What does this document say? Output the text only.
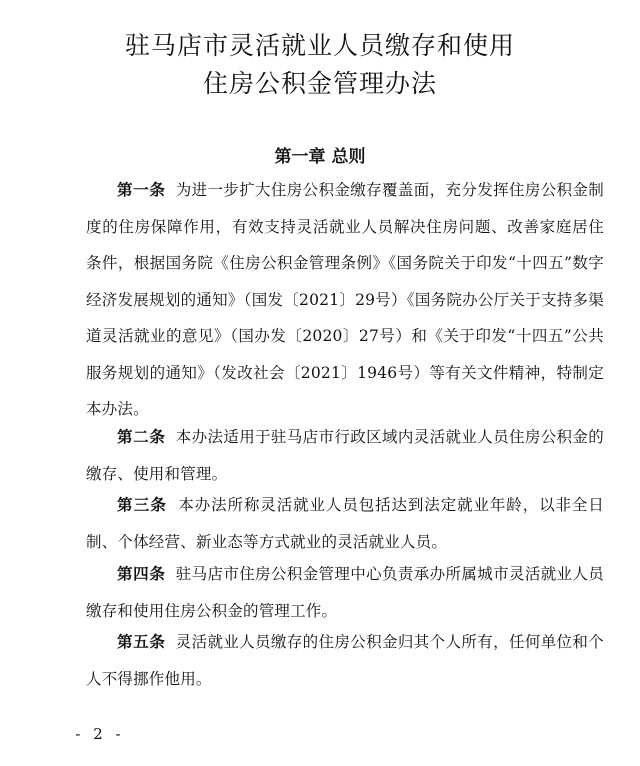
驻马店市灵活就业人员缴存和使用
住房公积金管理办法
第一章 总则

第一条 为进一步扩大住房公积金缴存覆盖面，充分发挥住房公积金制度的住房保障作用，有效支持灵活就业人员解决住房问题、改善家庭居住条件，根据国务院《住房公积金管理条例》《国务院关于印发“十四五”数字经济发展规划的通知》（国发〔2021〕29号）《国务院办公厅关于支持多渠道灵活就业的意见》（国办发〔2020〕27号）和《关于印发“十四五”公共服务规划的通知》（发改社会〔2021〕1946号）等有关文件精神，特制定本办法。

第二条 本办法适用于驻马店市行政区域内灵活就业人员住房公积金的缴存、使用和管理。

第三条 本办法所称灵活就业人员包括达到法定就业年龄，以非全日制、个体经营、新业态等方式就业的灵活就业人员。

第四条 驻马店市住房公积金管理中心负责承办所属城市灵活就业人员缴存和使用住房公积金的管理工作。

第五条 灵活就业人员缴存的住房公积金归其个人所有，任何单位和个人不得挪作他用。

- 2 -
